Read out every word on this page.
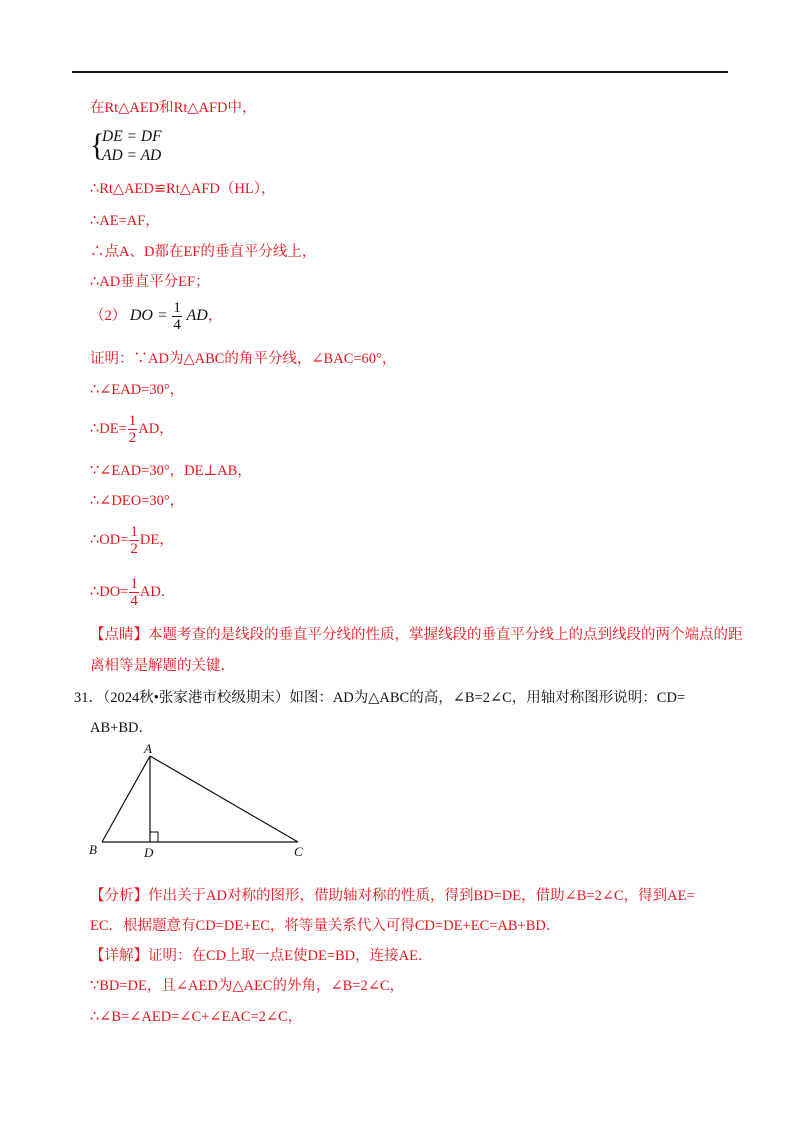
在Rt△AED和Rt△AFD中，
{
DE = DF
AD = AD
∴Rt△AED≌Rt△AFD（HL），
∴AE=AF，
∴点A、D都在EF的垂直平分线上，
∴AD垂直平分EF；
（2） DO = $\frac{1}{4}$ AD，
证明：∵AD为△ABC的角平分线，∠BAC=60°，
∴∠EAD=30°，
∴DE= $\frac{1}{2}$ AD，
∵∠EAD=30°，DE⊥AB，
∴∠DEO=30°，
∴OD= $\frac{1}{2}$ DE，
∴DO= $\frac{1}{4}$ AD．
【点睛】本题考查的是线段的垂直平分线的性质，掌握线段的垂直平分线上的点到线段的两个端点的距
离相等是解题的关键．
31．（2024秋•张家港市校级期末）如图：AD为△ABC的高，∠B=2∠C，用轴对称图形说明：CD=
AB+BD．
A
B	D	C
【分析】作出关于AD对称的图形，借助轴对称的性质，得到BD=DE，借助∠B=2∠C，得到AE=
EC．根据题意有CD=DE+EC，将等量关系代入可得CD=DE+EC=AB+BD．
【详解】证明：在CD上取一点E使DE=BD，连接AE．
∵BD=DE，且∠AED为△AEC的外角，∠B=2∠C，
∴∠B=∠AED=∠C+∠EAC=2∠C，
